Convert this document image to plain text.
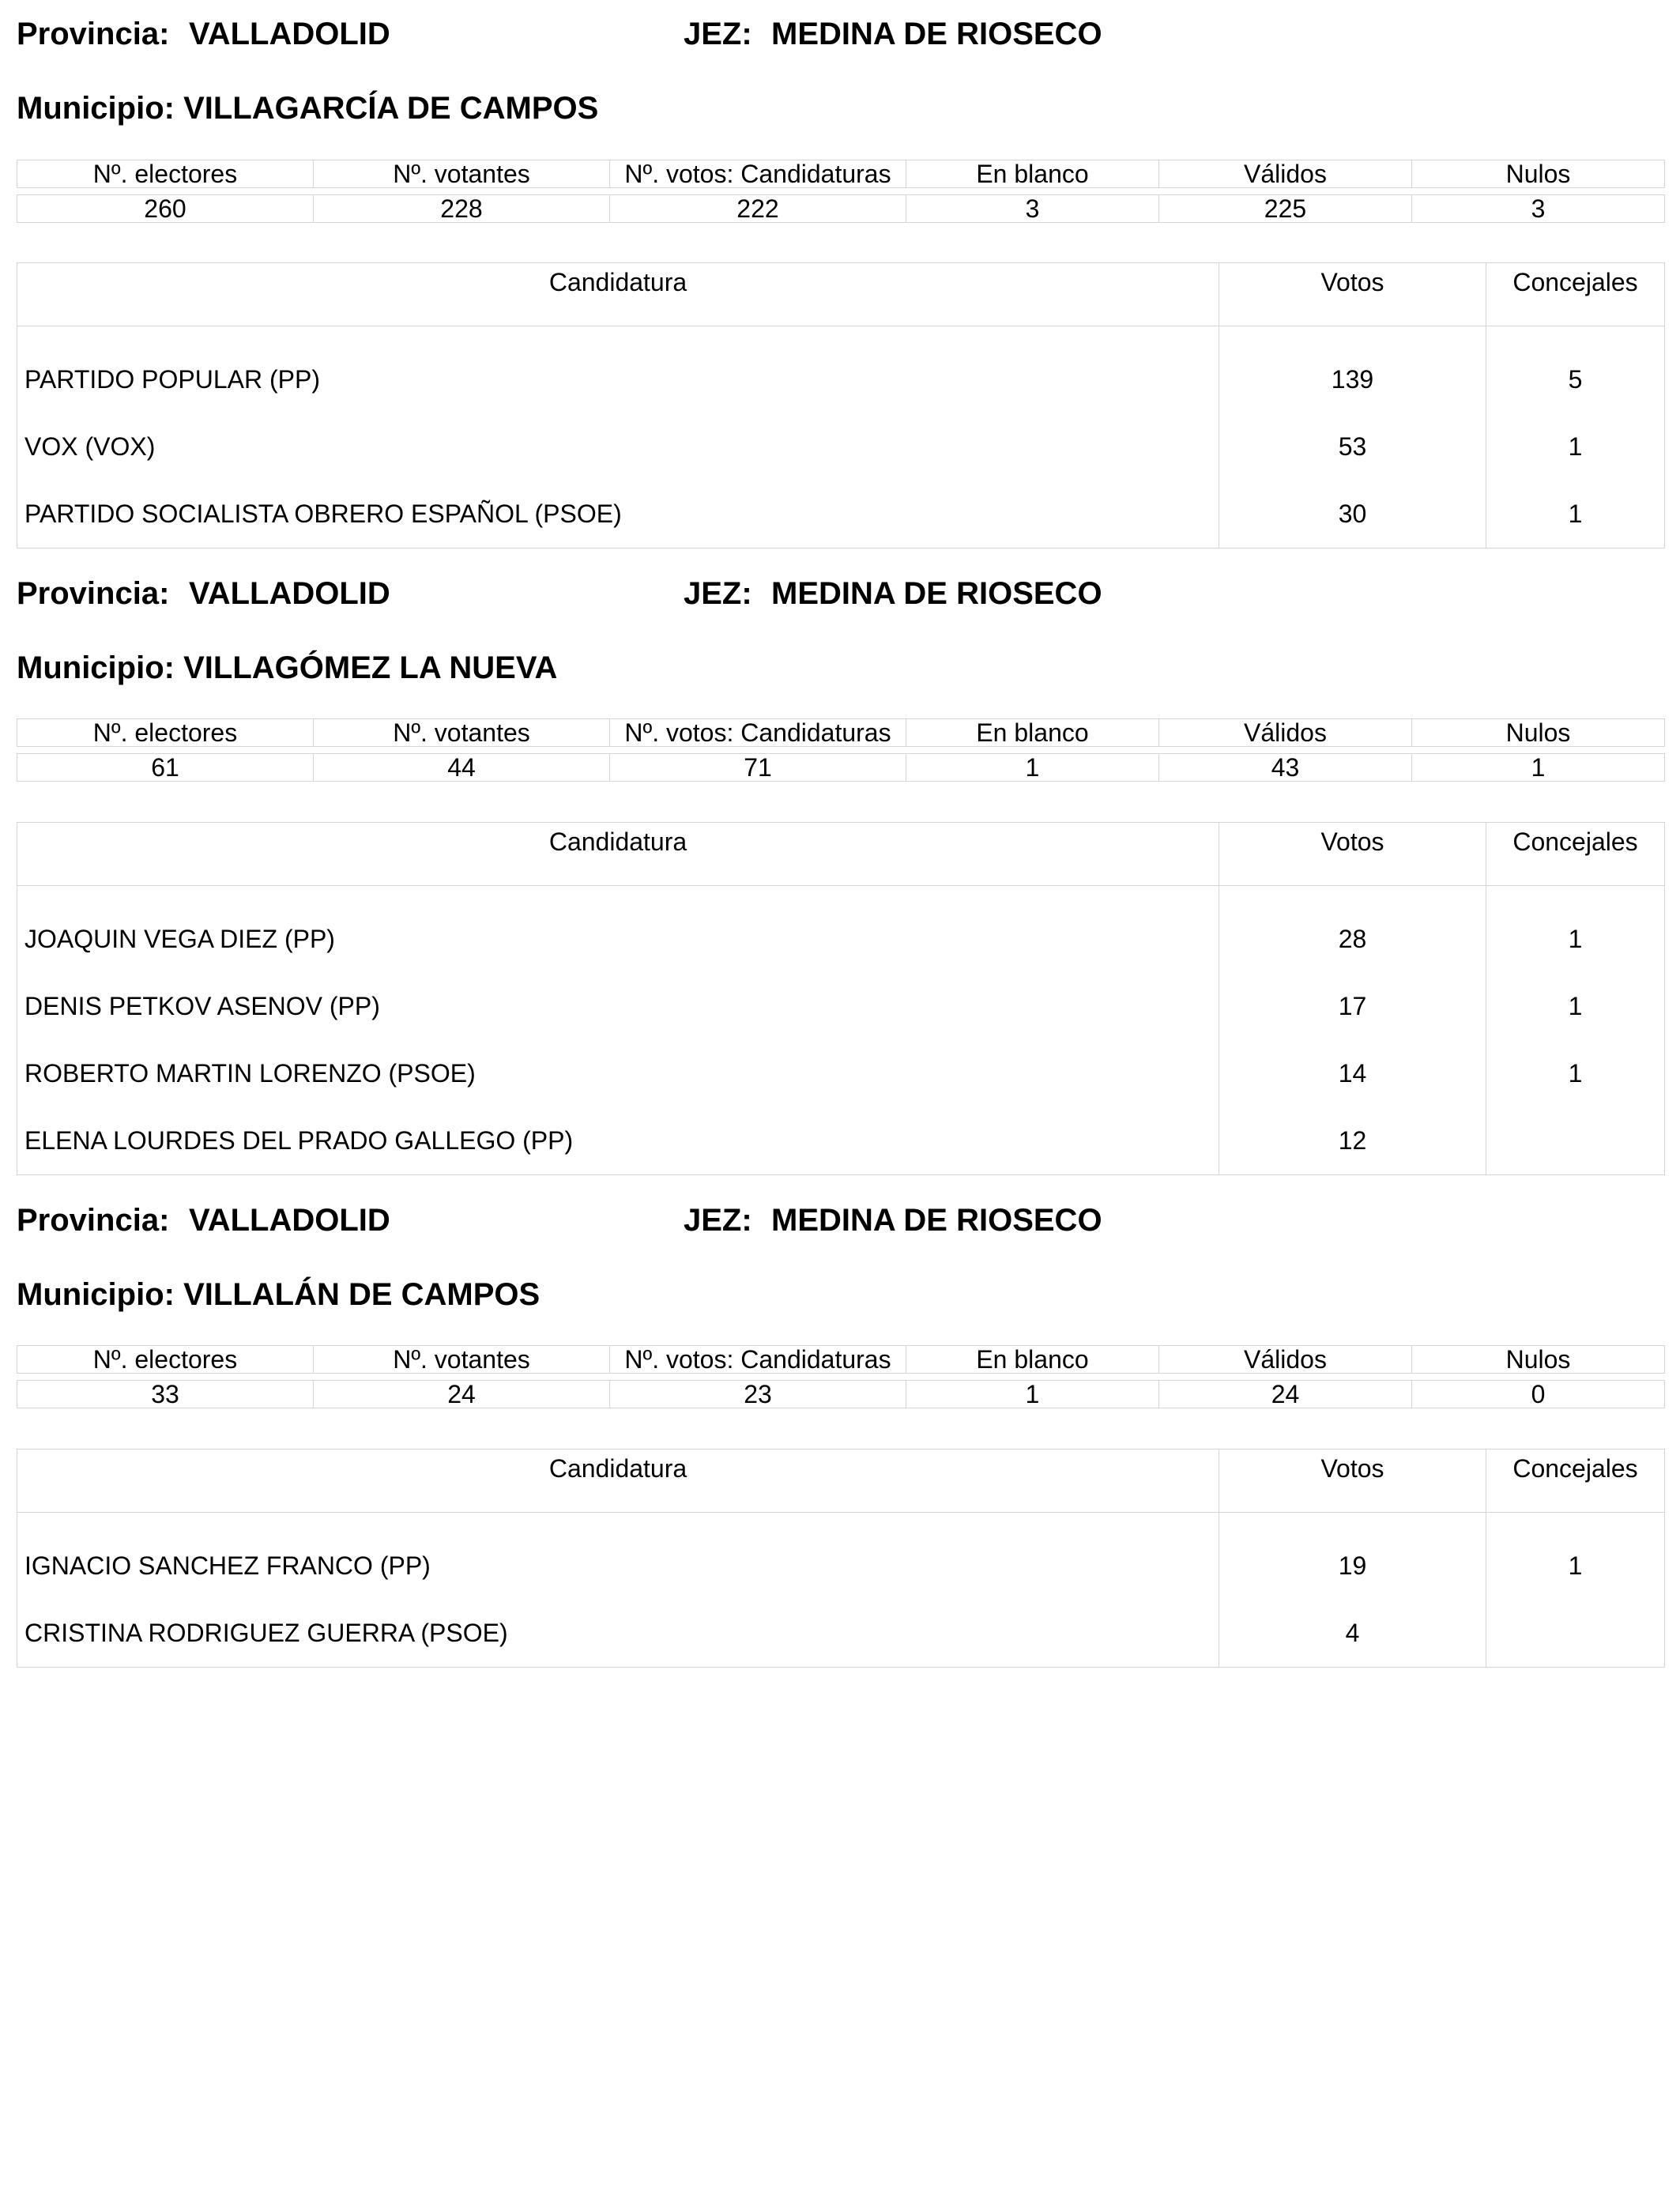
Provincia: VALLADOLID	JEZ: MEDINA DE RIOSECO
Municipio: VILLAGARCÍA DE CAMPOS
Nº. electores	Nº. votantes	Nº. votos: Candidaturas	En blanco	Válidos	Nulos

260	228	222	3	225	3
Candidatura	Votos	Concejales

PARTIDO POPULAR (PP)	139	5
VOX (VOX)	53	1
PARTIDO SOCIALISTA OBRERO ESPAÑOL (PSOE)	30	1
Provincia: VALLADOLID	JEZ: MEDINA DE RIOSECO
Municipio: VILLAGÓMEZ LA NUEVA
Nº. electores	Nº. votantes	Nº. votos: Candidaturas	En blanco	Válidos	Nulos

61	44	71	1	43	1
Candidatura	Votos	Concejales

JOAQUIN VEGA DIEZ (PP)	28	1
DENIS PETKOV ASENOV (PP)	17	1
ROBERTO MARTIN LORENZO (PSOE)	14	1
ELENA LOURDES DEL PRADO GALLEGO (PP)	12	
Provincia: VALLADOLID	JEZ: MEDINA DE RIOSECO
Municipio: VILLALÁN DE CAMPOS
Nº. electores	Nº. votantes	Nº. votos: Candidaturas	En blanco	Válidos	Nulos

33	24	23	1	24	0
Candidatura	Votos	Concejales

IGNACIO SANCHEZ FRANCO (PP)	19	1
CRISTINA RODRIGUEZ GUERRA (PSOE)	4	
